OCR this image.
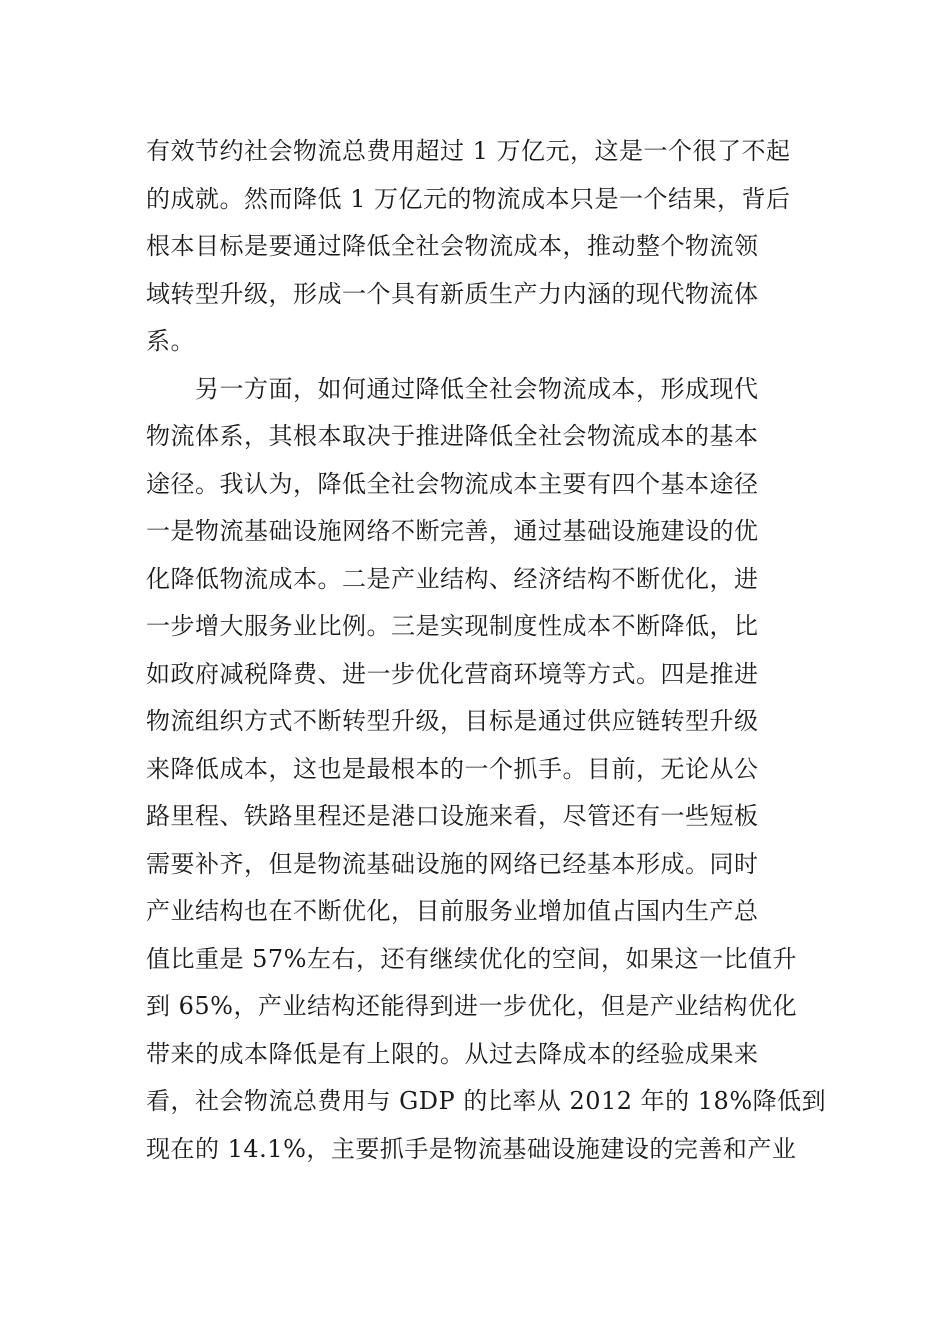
有效节约社会物流总费用超过 1 万亿元，这是一个很了不起
的成就。然而降低 1 万亿元的物流成本只是一个结果，背后
根本目标是要通过降低全社会物流成本，推动整个物流领
域转型升级，形成一个具有新质生产力内涵的现代物流体
系。
　　另一方面，如何通过降低全社会物流成本，形成现代
物流体系，其根本取决于推进降低全社会物流成本的基本
途径。我认为，降低全社会物流成本主要有四个基本途径
一是物流基础设施网络不断完善，通过基础设施建设的优
化降低物流成本。二是产业结构、经济结构不断优化，进
一步增大服务业比例。三是实现制度性成本不断降低，比
如政府减税降费、进一步优化营商环境等方式。四是推进
物流组织方式不断转型升级，目标是通过供应链转型升级
来降低成本，这也是最根本的一个抓手。目前，无论从公
路里程、铁路里程还是港口设施来看，尽管还有一些短板
需要补齐，但是物流基础设施的网络已经基本形成。同时
产业结构也在不断优化，目前服务业增加值占国内生产总
值比重是 57%左右，还有继续优化的空间，如果这一比值升
到 65%，产业结构还能得到进一步优化，但是产业结构优化
带来的成本降低是有上限的。从过去降成本的经验成果来
看，社会物流总费用与 GDP 的比率从 2012 年的 18%降低到
现在的 14.1%，主要抓手是物流基础设施建设的完善和产业
